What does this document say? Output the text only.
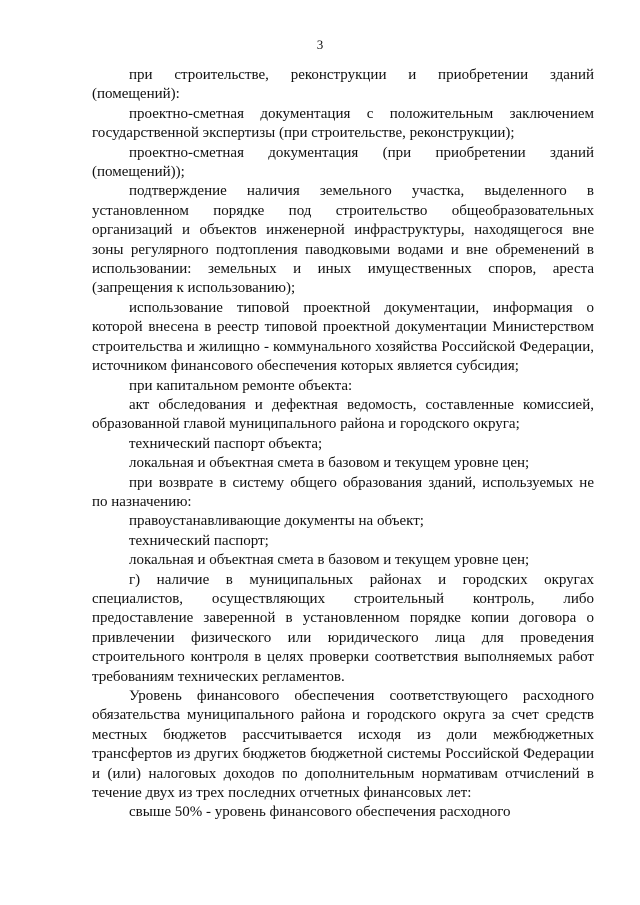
3

при строительстве, реконструкции и приобретении зданий (помещений):

проектно-сметная документация с положительным заключением государственной экспертизы (при строительстве, реконструкции);

проектно-сметная документация (при приобретении зданий (помещений));

подтверждение наличия земельного участка, выделенного в установленном порядке под строительство общеобразовательных организаций и объектов инженерной инфраструктуры, находящегося вне зоны регулярного подтопления паводковыми водами и вне обременений в использовании: земельных и иных имущественных споров, ареста (запрещения к использованию);

использование типовой проектной документации, информация о которой внесена в реестр типовой проектной документации Министерством строительства и жилищно - коммунального хозяйства Российской Федерации, источником финансового обеспечения которых является субсидия;

при капитальном ремонте объекта:

акт обследования и дефектная ведомость, составленные комиссией, образованной главой муниципального района и городского округа;

технический паспорт объекта;

локальная и объектная смета в базовом и текущем уровне цен;

при возврате в систему общего образования зданий, используемых не по назначению:

правоустанавливающие документы на объект;

технический паспорт;

локальная и объектная смета в базовом и текущем уровне цен;

г) наличие в муниципальных районах и городских округах специалистов, осуществляющих строительный контроль, либо предоставление заверенной в установленном порядке копии договора о привлечении физического или юридического лица для проведения строительного контроля в целях проверки соответствия выполняемых работ требованиям технических регламентов.

Уровень финансового обеспечения соответствующего расходного обязательства муниципального района и городского округа за счет средств местных бюджетов рассчитывается исходя из доли межбюджетных трансфертов из других бюджетов бюджетной системы Российской Федерации и (или) налоговых доходов по дополнительным нормативам отчислений в течение двух из трех последних отчетных финансовых лет:

свыше 50% - уровень финансового обеспечения расходного
